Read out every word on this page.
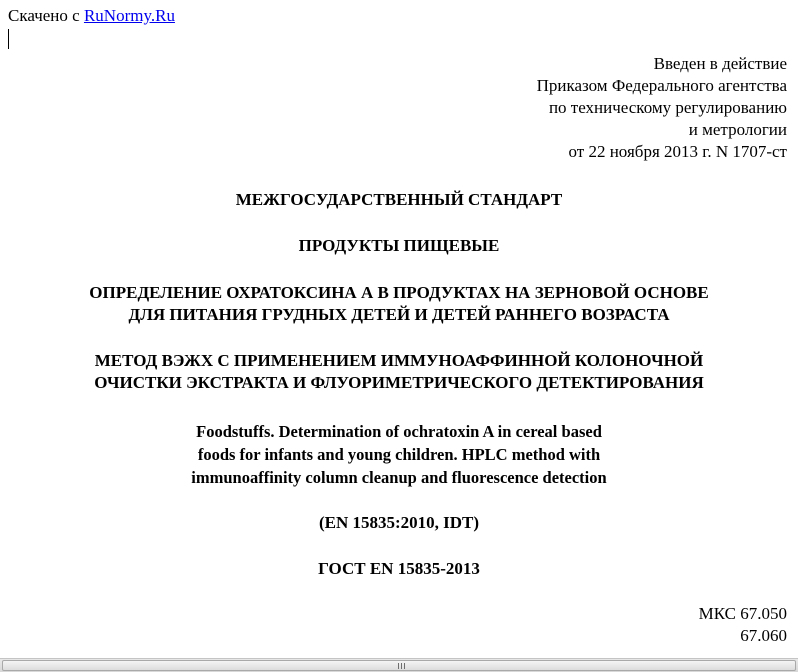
Скачено с RuNormy.Ru
Введен в действие
Приказом Федерального агентства
по техническому регулированию
и метрологии
от 22 ноября 2013 г. N 1707-ст
МЕЖГОСУДАРСТВЕННЫЙ СТАНДАРТ
ПРОДУКТЫ ПИЩЕВЫЕ
ОПРЕДЕЛЕНИЕ ОХРАТОКСИНА А В ПРОДУКТАХ НА ЗЕРНОВОЙ ОСНОВЕ
ДЛЯ ПИТАНИЯ ГРУДНЫХ ДЕТЕЙ И ДЕТЕЙ РАННЕГО ВОЗРАСТА
МЕТОД ВЭЖХ С ПРИМЕНЕНИЕМ ИММУНОАФФИННОЙ КОЛОНОЧНОЙ
ОЧИСТКИ ЭКСТРАКТА И ФЛУОРИМЕТРИЧЕСКОГО ДЕТЕКТИРОВАНИЯ
Foodstuffs. Determination of ochratoxin A in cereal based
foods for infants and young children. HPLC method with
immunoaffinity column cleanup and fluorescence detection
(EN 15835:2010, IDT)
ГОСТ EN 15835-2013
МКС 67.050
67.060
